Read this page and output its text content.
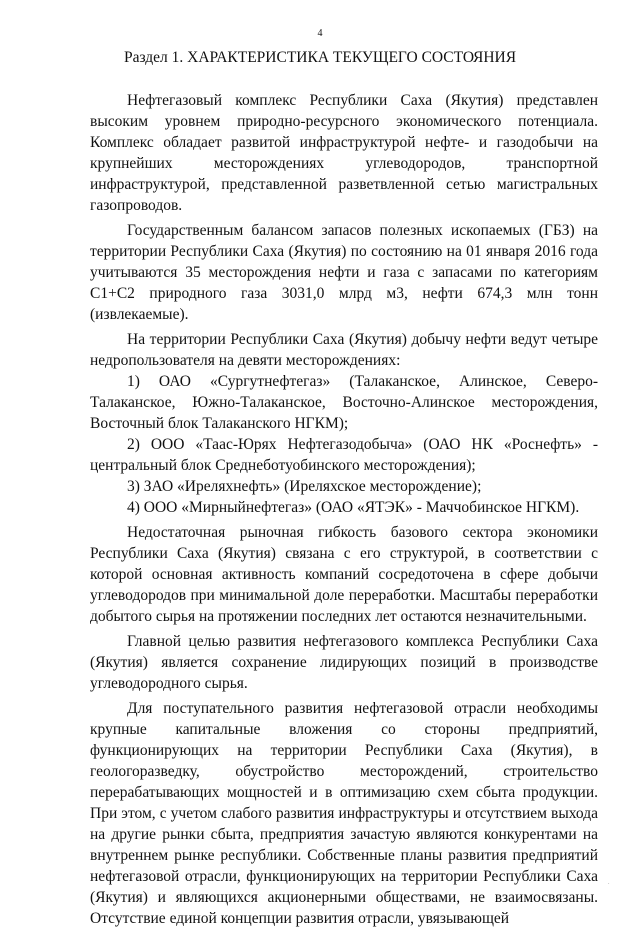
4
Раздел 1. ХАРАКТЕРИСТИКА ТЕКУЩЕГО СОСТОЯНИЯ

Нефтегазовый комплекс Республики Саха (Якутия) представлен высоким уровнем природно-ресурсного экономического потенциала. Комплекс обладает развитой инфраструктурой нефте- и газодобычи на крупнейших месторождениях углеводородов, транспортной инфраструктурой, представленной разветвленной сетью магистральных газопроводов.

Государственным балансом запасов полезных ископаемых (ГБЗ) на территории Республики Саха (Якутия) по состоянию на 01 января 2016 года учитываются 35 месторождения нефти и газа с запасами по категориям С1+С2 природного газа 3031,0 млрд м3, нефти 674,3 млн тонн (извлекаемые).

На территории Республики Саха (Якутия) добычу нефти ведут четыре недропользователя на девяти месторождениях:

1) ОАО «Сургутнефтегаз» (Талаканское, Алинское, Северо-Талаканское, Южно-Талаканское, Восточно-Алинское месторождения, Восточный блок Талаканского НГКМ);

2) ООО «Таас-Юрях Нефтегазодобыча» (ОАО НК «Роснефть» - центральный блок Среднеботуобинского месторождения);

3) ЗАО «Иреляхнефть» (Иреляхское месторождение);

4) ООО «Мирныйнефтегаз» (ОАО «ЯТЭК» - Маччобинское НГКМ).

Недостаточная рыночная гибкость базового сектора экономики Республики Саха (Якутия) связана с его структурой, в соответствии с которой основная активность компаний сосредоточена в сфере добычи углеводородов при минимальной доле переработки. Масштабы переработки добытого сырья на протяжении последних лет остаются незначительными.

Главной целью развития нефтегазового комплекса Республики Саха (Якутия) является сохранение лидирующих позиций в производстве углеводородного сырья.

Для поступательного развития нефтегазовой отрасли необходимы крупные капитальные вложения со стороны предприятий, функционирующих на территории Республики Саха (Якутия), в геологоразведку, обустройство месторождений, строительство перерабатывающих мощностей и в оптимизацию схем сбыта продукции. При этом, с учетом слабого развития инфраструктуры и отсутствием выхода на другие рынки сбыта, предприятия зачастую являются конкурентами на внутреннем рынке республики. Собственные планы развития предприятий нефтегазовой отрасли, функционирующих на территории Республики Саха (Якутия) и являющихся акционерными обществами, не взаимосвязаны. Отсутствие единой концепции развития отрасли, увязывающей

.
